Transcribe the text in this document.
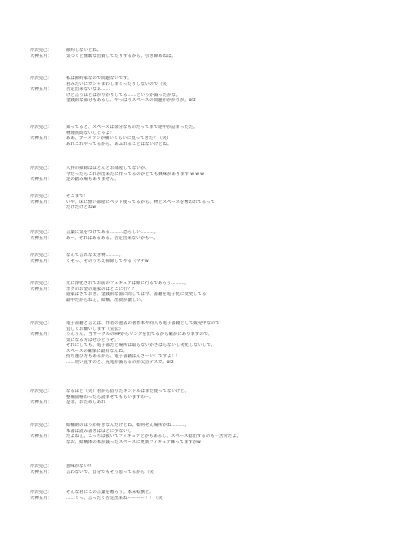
芹沢克己：	節約しないとね。
大神五月：	気づくと無駄な出費してたりするから、引き締めねば。
芹沢克己：	私は節約家なので問題ないです。
君みたいにガシャまわしまくったりしないので（笑
大神五月：	否定出来ないなぁ……
けど言うほどはがりがりしてる……というか減ったかな。
金銭的な部分もあるし、やっぱりスペースの問題がかがりが。orz
芹沢克己：	知ってると、スペースは余分なものだってまで途中が詰まったた。
物理質問ないしじゃよ！
大神五月：	ああ、ブーメランが痛いくらいに見ってきた？（笑）
あれこれやってるから、あふれることはないけどね。
芹沢克己：	人件の掃除はほとんどお部屋してないが、
今だったらこれが出来たに作ってるのかとても興味があります w w w
大神五月：	足の踏み場もありません。
芹沢克己：	そこまで！
大神五月：	いや、床に無い部屋にベッド使ってるから、物とスペースを奪われてるって
だけだけどねw
芹沢克己：	言葉に気をつけてある………恐ろしい………。
大神五月：	あー、それはあるある。否定出来ないかもー。
芹沢克己：	なんて言れな太き物………。
大神五月：	くそっ、そのうちえ掃除してやる（マチw
芹沢克己：	元に浄化されてお前のフュギュアは帰に行るであろう………。
大神五月：	ボクのお金の道家のはどこに行？？
道家はさておき、金銭的な面に問しては今、書籍を電子化に変更してる
最中だからねぇ。結構、出費が激しい。
芹沢克己：	電子書籍と言えば、作者の過去の著作本や同人も電子書籍として販売中なので
宜しくお願いします（宣伝）
大神五月：	うんうん、当サークルのHPからリンクを出てるから確かにありますので、
気になる方はぜひどうぞ。
それにしても、電子部だと場所は取らないかさばらないし劣化しないしで、
スペースの確保に最有なんね。
持ち運び方もあるから、電子書籍ばんざーい！ですよ！！
……買い直すのと、充電が減らるのが欠点デスガ。orz
芹沢克己：	なるほど（笑）君から借りたキンドルはまだ使ってないけど、
整備資格わったら読ませてもらいますわー。
大神五月：	是非、おためしあれ
芹沢克己：	結構財のほうが好きなんだけどね。如何せん場所がね………。
本書は読み書きはほどに少ないし
大神五月：	だよねぇ。こっちは抜いてフィギュアとかもあるし、スペース捻出するのも一苦労だよ。
なお、結構体の本が減ったスペースに更新フィギュア飾ってますがw
芹沢克己：	意味がない!!
大神五月：	言わないで、自分でもそう思ってるから（笑
芹沢克己：	そんな君にこの言葉を贈ろう。本末転倒と。
大神五月：	……くっ、言ったく否定出来ねーーーー！！（笑
